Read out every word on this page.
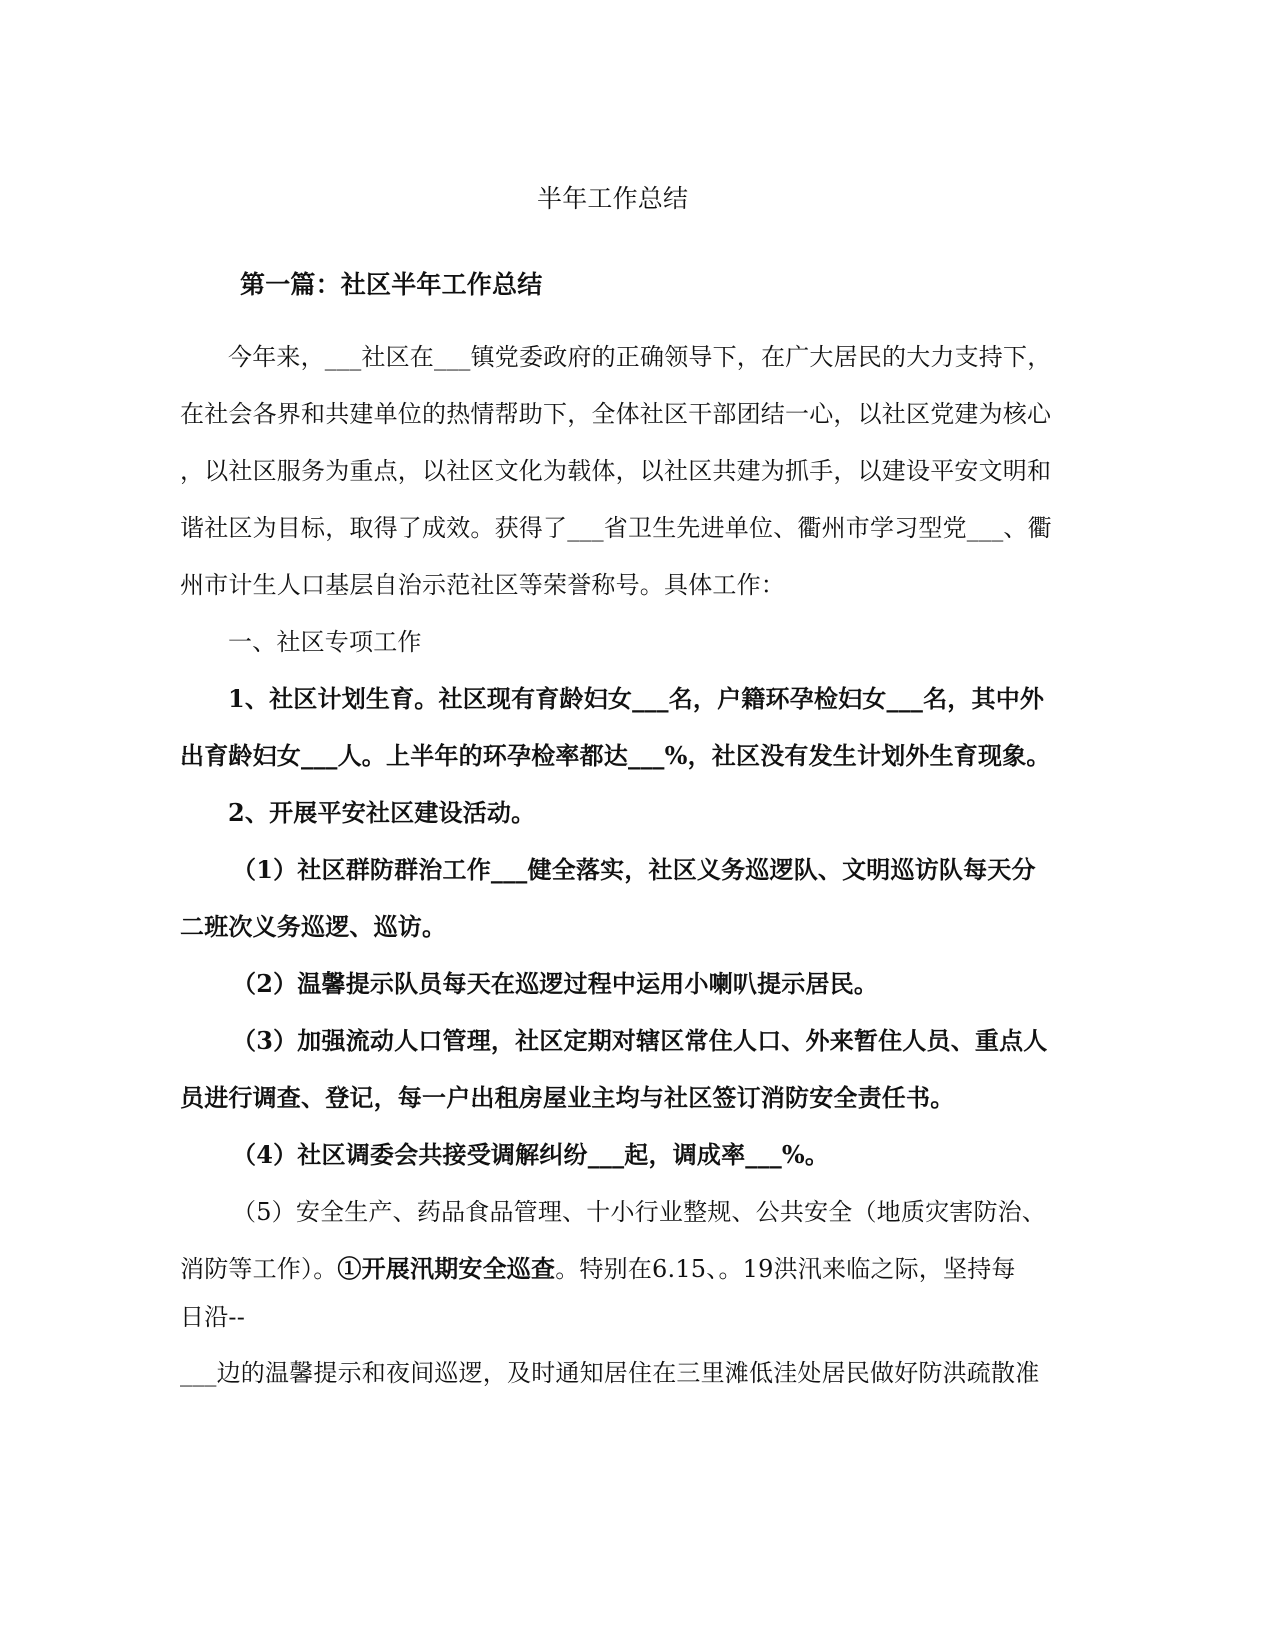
半年工作总结

第一篇：社区半年工作总结

今年来，___社区在___镇党委政府的正确领导下，在广大居民的大力支持下，

在社会各界和共建单位的热情帮助下，全体社区干部团结一心，以社区党建为核心

，以社区服务为重点，以社区文化为载体，以社区共建为抓手，以建设平安文明和

谐社区为目标，取得了成效。获得了___省卫生先进单位、衢州市学习型党___、衢

州市计生人口基层自治示范社区等荣誉称号。具体工作：

一、社区专项工作

1、社区计划生育。社区现有育龄妇女___名，户籍环孕检妇女___名，其中外

出育龄妇女___人。上半年的环孕检率都达___%，社区没有发生计划外生育现象。

2、开展平安社区建设活动。

（1）社区群防群治工作___健全落实，社区义务巡逻队、文明巡访队每天分

二班次义务巡逻、巡访。

（2）温馨提示队员每天在巡逻过程中运用小喇叭提示居民。

（3）加强流动人口管理，社区定期对辖区常住人口、外来暂住人员、重点人

员进行调查、登记，每一户出租房屋业主均与社区签订消防安全责任书。

（4）社区调委会共接受调解纠纷___起，调成率___%。

（5）安全生产、药品食品管理、十小行业整规、公共安全（地质灾害防治、

消防等工作）。①开展汛期安全巡查。特别在6.15、。19洪汛来临之际，坚持每

日沿--

___边的温馨提示和夜间巡逻，及时通知居住在三里滩低洼处居民做好防洪疏散准
